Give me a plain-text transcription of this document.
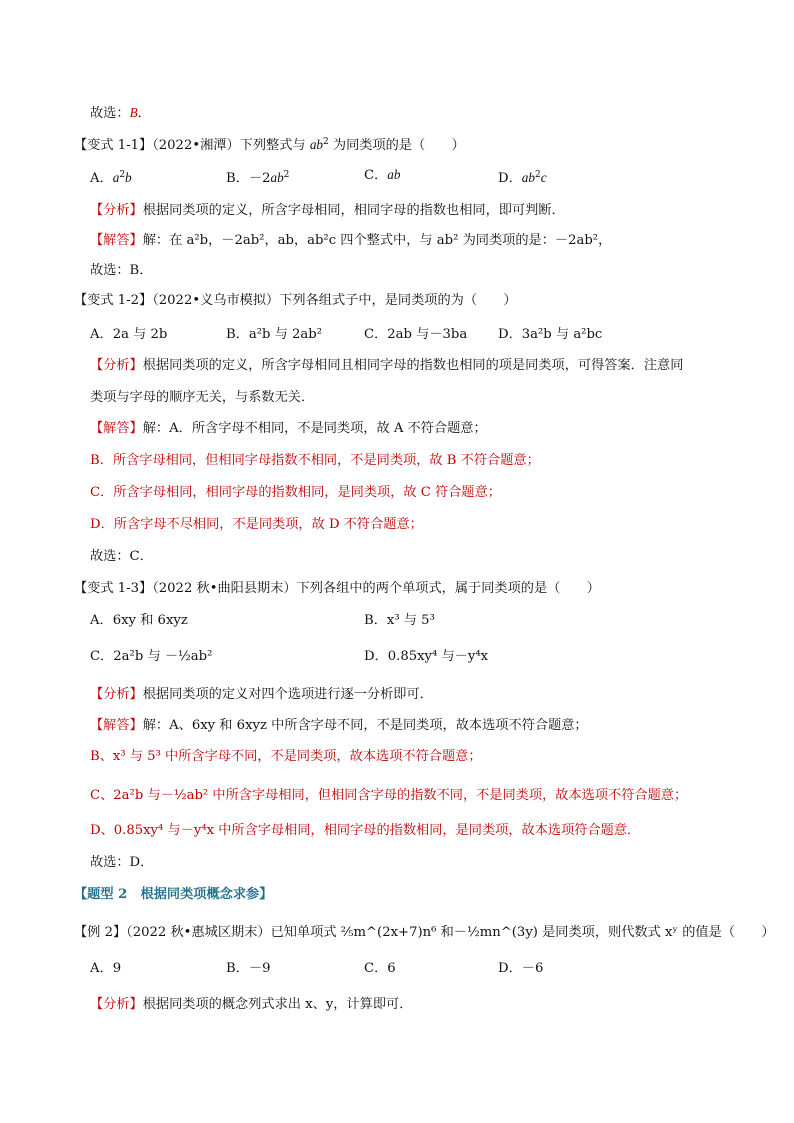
故选：B．
【变式 1-1】（2022•湘潭）下列整式与 $ab^2$ 为同类项的是（　　）
A．$a^2b$	B．$-2ab^2$	C．ab	D．$ab^2c$
【分析】根据同类项的定义，所含字母相同，相同字母的指数也相同，即可判断．
【解答】解：在 a²b，－2ab²，ab，ab²c 四个整式中，与 ab² 为同类项的是：－2ab²，
故选：B．
【变式 1-2】（2022•义乌市模拟）下列各组式子中，是同类项的为（　　）
A．2a 与 2b	B．a²b 与 2ab²	C．2ab 与－3ba D．3a²b 与 a²bc
【分析】根据同类项的定义，所含字母相同且相同字母的指数也相同的项是同类项，可得答案．注意同
类项与字母的顺序无关，与系数无关．
【解答】解：A．所含字母不相同，不是同类项，故 A 不符合题意；
B．所含字母相同，但相同字母指数不相同，不是同类项，故 B 不符合题意；
C．所含字母相同，相同字母的指数相同，是同类项，故 C 符合题意；
D．所含字母不尽相同，不是同类项，故 D 不符合题意；
故选：C．
【变式 1-3】（2022 秋•曲阳县期末）下列各组中的两个单项式，属于同类项的是（　　）
A．6xy 和 6xyz	B．x³ 与 5³
C．2a²b 与 －½ab²	D．0.85xy⁴ 与－y⁴x
【分析】根据同类项的定义对四个选项进行逐一分析即可．
【解答】解：A、6xy 和 6xyz 中所含字母不同，不是同类项，故本选项不符合题意；
B、x³ 与 5³ 中所含字母不同，不是同类项，故本选项不符合题意；
C、2a²b 与－½ab² 中所含字母相同，但相同含字母的指数不同，不是同类项，故本选项不符合题意；
D、0.85xy⁴ 与－y⁴x 中所含字母相同，相同字母的指数相同，是同类项，故本选项符合题意．
故选：D．
【题型 2　根据同类项概念求参】
【例 2】（2022 秋•惠城区期末）已知单项式 ⅖m^(2x+7)n⁶ 和－½mn^(3y) 是同类项，则代数式 xʸ 的值是（　　）
A．9	B．－9	C．6	D．－6
【分析】根据同类项的概念列式求出 x、y，计算即可．
